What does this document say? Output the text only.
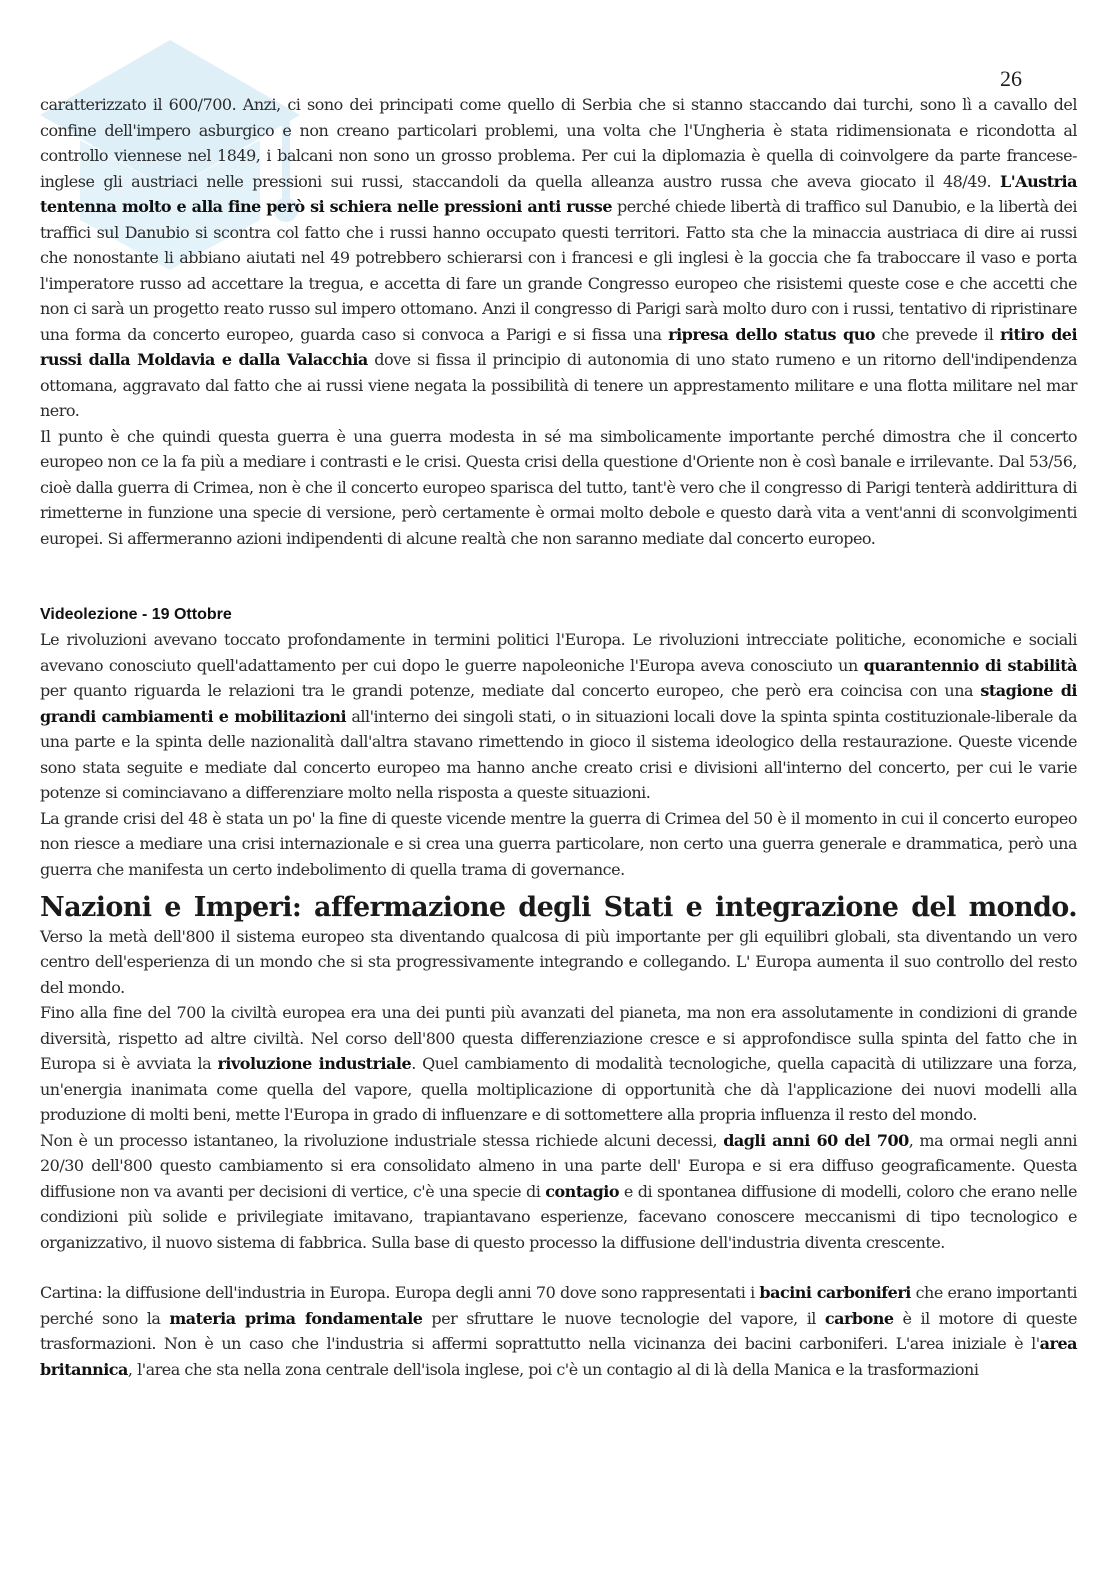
26

caratterizzato il 600/700. Anzi, ci sono dei principati come quello di Serbia che si stanno staccando dai turchi, sono lì a cavallo del confine dell'impero asburgico e non creano particolari problemi, una volta che l'Ungheria è stata ridimensionata e ricondotta al controllo viennese nel 1849, i balcani non sono un grosso problema. Per cui la diplomazia è quella di coinvolgere da parte francese-inglese gli austriaci nelle pressioni sui russi, staccandoli da quella alleanza austro russa che aveva giocato il 48/49. L'Austria tentenna molto e alla fine però si schiera nelle pressioni anti russe perché chiede libertà di traffico sul Danubio, e la libertà dei traffici sul Danubio si scontra col fatto che i russi hanno occupato questi territori. Fatto sta che la minaccia austriaca di dire ai russi che nonostante li abbiano aiutati nel 49 potrebbero schierarsi con i francesi e gli inglesi è la goccia che fa traboccare il vaso e porta l'imperatore russo ad accettare la tregua, e accetta di fare un grande Congresso europeo che risistemi queste cose e che accetti che non ci sarà un progetto reato russo sul impero ottomano. Anzi il congresso di Parigi sarà molto duro con i russi, tentativo di ripristinare una forma da concerto europeo, guarda caso si convoca a Parigi e si fissa una ripresa dello status quo che prevede il ritiro dei russi dalla Moldavia e dalla Valacchia dove si fissa il principio di autonomia di uno stato rumeno e un ritorno dell'indipendenza ottomana, aggravato dal fatto che ai russi viene negata la possibilità di tenere un apprestamento militare e una flotta militare nel mar nero.

Il punto è che quindi questa guerra è una guerra modesta in sé ma simbolicamente importante perché dimostra che il concerto europeo non ce la fa più a mediare i contrasti e le crisi. Questa crisi della questione d'Oriente non è così banale e irrilevante. Dal 53/56, cioè dalla guerra di Crimea, non è che il concerto europeo sparisca del tutto, tant'è vero che il congresso di Parigi tenterà addirittura di rimetterne in funzione una specie di versione, però certamente è ormai molto debole e questo darà vita a vent'anni di sconvolgimenti europei. Si affermeranno azioni indipendenti di alcune realtà che non saranno mediate dal concerto europeo.

Videolezione - 19 Ottobre

Le rivoluzioni avevano toccato profondamente in termini politici l'Europa. Le rivoluzioni intrecciate politiche, economiche e sociali avevano conosciuto quell'adattamento per cui dopo le guerre napoleoniche l'Europa aveva conosciuto un quarantennio di stabilità per quanto riguarda le relazioni tra le grandi potenze, mediate dal concerto europeo, che però era coincisa con una stagione di grandi cambiamenti e mobilitazioni all'interno dei singoli stati, o in situazioni locali dove la spinta spinta costituzionale-liberale da una parte e la spinta delle nazionalità dall'altra stavano rimettendo in gioco il sistema ideologico della restaurazione. Queste vicende sono stata seguite e mediate dal concerto europeo ma hanno anche creato crisi e divisioni all'interno del concerto, per cui le varie potenze si cominciavano a differenziare molto nella risposta a queste situazioni.

La grande crisi del 48 è stata un po' la fine di queste vicende mentre la guerra di Crimea del 50 è il momento in cui il concerto europeo non riesce a mediare una crisi internazionale e si crea una guerra particolare, non certo una guerra generale e drammatica, però una guerra che manifesta un certo indebolimento di quella trama di governance.

Nazioni e Imperi: affermazione degli Stati e integrazione del mondo. Verso la metà dell'800 il sistema europeo sta diventando qualcosa di più importante per gli equilibri globali, sta diventando un vero centro dell'esperienza di un mondo che si sta progressivamente integrando e collegando. L' Europa aumenta il suo controllo del resto del mondo.

Fino alla fine del 700 la civiltà europea era una dei punti più avanzati del pianeta, ma non era assolutamente in condizioni di grande diversità, rispetto ad altre civiltà. Nel corso dell'800 questa differenziazione cresce e si approfondisce sulla spinta del fatto che in Europa si è avviata la rivoluzione industriale. Quel cambiamento di modalità tecnologiche, quella capacità di utilizzare una forza, un'energia inanimata come quella del vapore, quella moltiplicazione di opportunità che dà l'applicazione dei nuovi modelli alla produzione di molti beni, mette l'Europa in grado di influenzare e di sottomettere alla propria influenza il resto del mondo.

Non è un processo istantaneo, la rivoluzione industriale stessa richiede alcuni decessi, dagli anni 60 del 700, ma ormai negli anni 20/30 dell'800 questo cambiamento si era consolidato almeno in una parte dell' Europa e si era diffuso geograficamente. Questa diffusione non va avanti per decisioni di vertice, c'è una specie di contagio e di spontanea diffusione di modelli, coloro che erano nelle condizioni più solide e privilegiate imitavano, trapiantavano esperienze, facevano conoscere meccanismi di tipo tecnologico e organizzativo, il nuovo sistema di fabbrica. Sulla base di questo processo la diffusione dell'industria diventa crescente.

Cartina: la diffusione dell'industria in Europa. Europa degli anni 70 dove sono rappresentati i bacini carboniferi che erano importanti perché sono la materia prima fondamentale per sfruttare le nuove tecnologie del vapore, il carbone è il motore di queste trasformazioni. Non è un caso che l'industria si affermi soprattutto nella vicinanza dei bacini carboniferi. L'area iniziale è l'area britannica, l'area che sta nella zona centrale dell'isola inglese, poi c'è un contagio al di là della Manica e la trasformazioni
